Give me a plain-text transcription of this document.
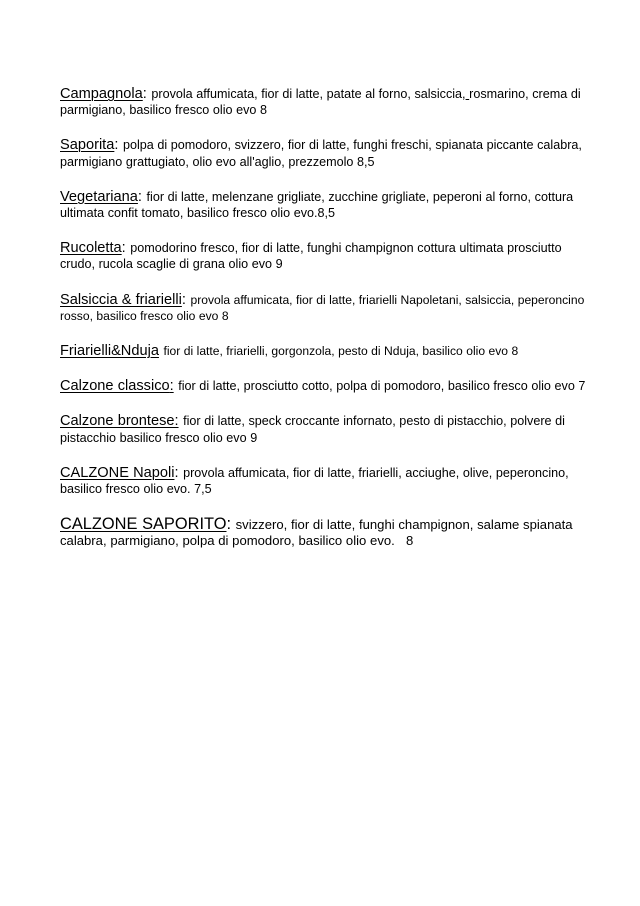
Campagnola: provola affumicata, fior di latte, patate al forno, salsiccia, rosmarino, crema di parmigiano, basilico fresco olio evo 8

Saporita: polpa di pomodoro, svizzero, fior di latte, funghi freschi, spianata piccante calabra, parmigiano grattugiato, olio evo all'aglio, prezzemolo 8,5

Vegetariana: fior di latte, melenzane grigliate, zucchine grigliate, peperoni al forno, cottura ultimata confit tomato, basilico fresco olio evo.8,5

Rucoletta: pomodorino fresco, fior di latte, funghi champignon cottura ultimata prosciutto crudo, rucola scaglie di grana olio evo 9

Salsiccia & friarielli: provola affumicata, fior di latte, friarielli Napoletani, salsiccia, peperoncino rosso, basilico fresco olio evo 8

Friarielli&Nduja fior di latte, friarielli, gorgonzola, pesto di Nduja, basilico olio evo 8

Calzone classico: fior di latte, prosciutto cotto, polpa di pomodoro, basilico fresco olio evo 7

Calzone brontese: fior di latte, speck croccante infornato, pesto di pistacchio, polvere di pistacchio basilico fresco olio evo 9

CALZONE Napoli: provola affumicata, fior di latte, friarielli, acciughe, olive, peperoncino, basilico fresco olio evo. 7,5

CALZONE SAPORITO: svizzero, fior di latte, funghi champignon, salame spianata calabra, parmigiano, polpa di pomodoro, basilico olio evo. 8
